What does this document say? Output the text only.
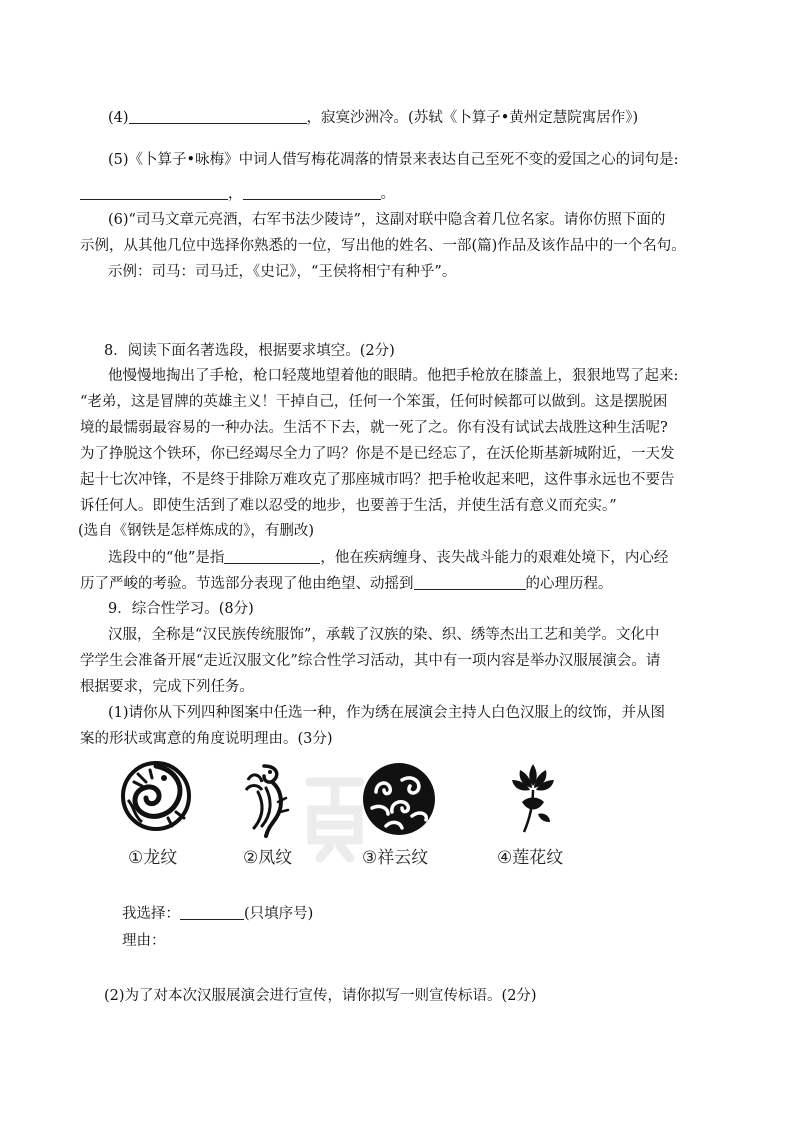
(4)	，寂寞沙洲冷。(苏轼《卜算子•黄州定慧院寓居作》)
(5)《卜算子•咏梅》中词人借写梅花凋落的情景来表达自己至死不变的爱国之心的词句是:
，	。
(6)“司马文章元亮酒，右军书法少陵诗”，这副对联中隐含着几位名家。请你仿照下面的
示例，从其他几位中选择你熟悉的一位，写出他的姓名、一部(篇)作品及该作品中的一个名句。
示例：司马：司马迁，《史记》，“王侯将相宁有种乎”。
8．阅读下面名著选段，根据要求填空。(2分)
他慢慢地掏出了手枪，枪口轻蔑地望着他的眼睛。他把手枪放在膝盖上，狠狠地骂了起来:
“老弟，这是冒牌的英雄主义！干掉自己，任何一个笨蛋，任何时候都可以做到。这是摆脱困
境的最懦弱最容易的一种办法。生活不下去，就一死了之。你有没有试试去战胜这种生活呢?
为了挣脱这个铁环，你已经竭尽全力了吗？你是不是已经忘了，在沃伦斯基新城附近，一天发
起十七次冲锋，不是终于排除万难攻克了那座城市吗？把手枪收起来吧，这件事永远也不要告
诉任何人。即使生活到了难以忍受的地步，也要善于生活，并使生活有意义而充实。”
(选自《钢铁是怎样炼成的》，有删改)
选段中的“他”是指	，他在疾病缠身、丧失战斗能力的艰难处境下，内心经
历了严峻的考验。节选部分表现了他由绝望、动摇到	的心理历程。
9．综合性学习。(8分)
汉服，全称是“汉民族传统服饰”，承载了汉族的染、织、绣等杰出工艺和美学。文化中
学学生会准备开展“走近汉服文化”综合性学习活动，其中有一项内容是举办汉服展演会。请
根据要求，完成下列任务。
(1)请你从下列四种图案中任选一种，作为绣在展演会主持人白色汉服上的纹饰，并从图
案的形状或寓意的角度说明理由。(3分)
①龙纹	②凤纹	③祥云纹	④莲花纹
我选择：	(只填序号)
理由：
(2)为了对本次汉服展演会进行宣传，请你拟写一则宣传标语。(2分)
